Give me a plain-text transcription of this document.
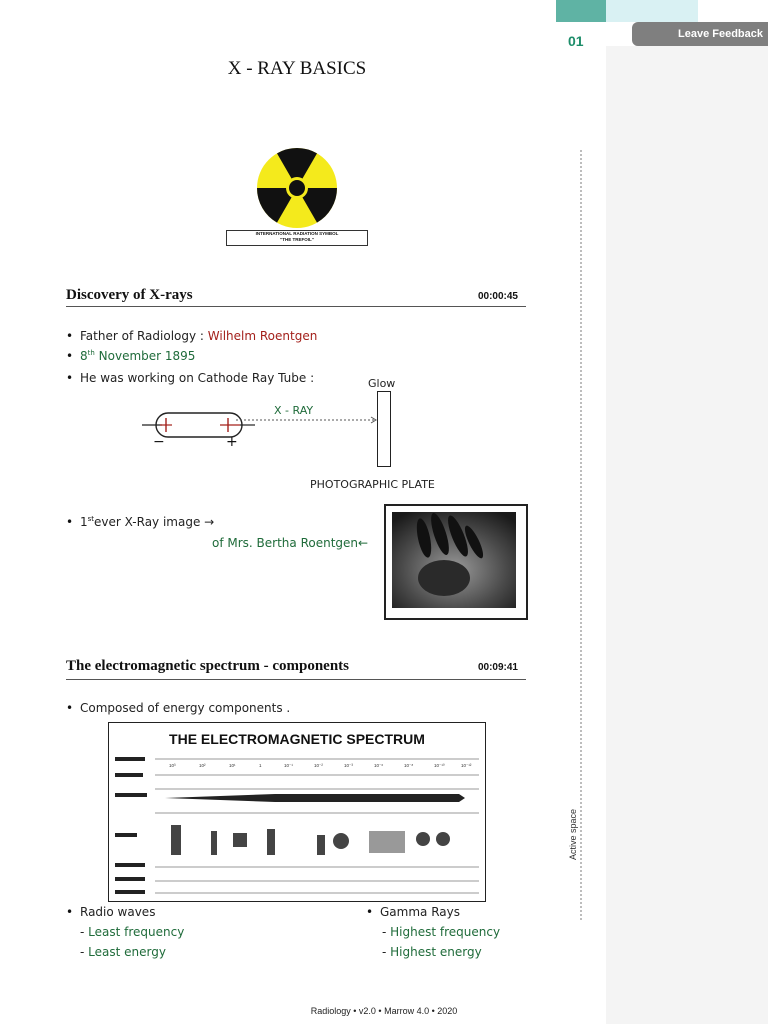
01	Leave Feedback
Active space
X - RAY BASICS
INTERNATIONAL RADIATION SYMBOL
"THE TREFOIL"
Discovery of X-rays	00:00:45
• Father of Radiology : Wilhelm Roentgen
• 8th November 1895
• He was working on Cathode Ray Tube :
−	+
X - RAY
Glow
PHOTOGRAPHIC PLATE
• 1stever X-Ray image →
of Mrs. Bertha Roentgen←
The electromagnetic spectrum - components	00:09:41
• Composed of energy components .
THE ELECTROMAGNETIC SPECTRUM
10³	10²	10¹	1	10⁻¹	10⁻²	10⁻³	10⁻⁶	10⁻⁸	10⁻¹⁰	10⁻¹²
• Radio waves
- Least frequency
- Least energy
• Gamma Rays
- Highest frequency
- Highest energy
Radiology • v2.0 • Marrow 4.0 • 2020
